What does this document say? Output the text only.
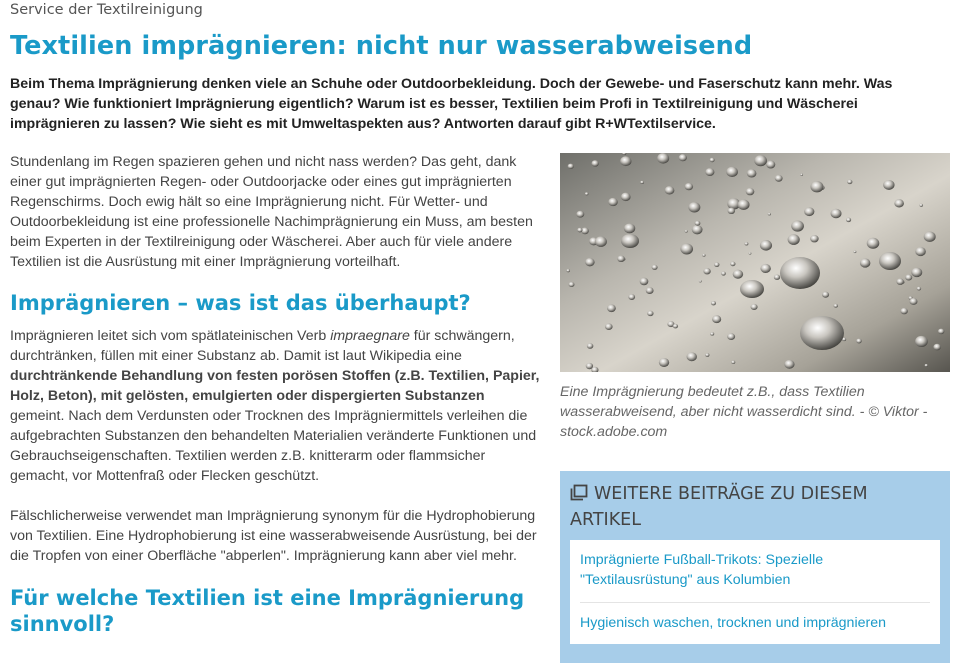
Service der Textilreinigung
Textilien imprägnieren: nicht nur wasserabweisend

Beim Thema Imprägnierung denken viele an Schuhe oder Outdoorbekleidung. Doch der Gewebe- und Faserschutz kann mehr. Was genau? Wie funktioniert Imprägnierung eigentlich? Warum ist es besser, Textilien beim Profi in Textilreinigung und Wäscherei imprägnieren zu lassen? Wie sieht es mit Umweltaspekten aus? Antworten darauf gibt R+WTextilservice.

Stundenlang im Regen spazieren gehen und nicht nass werden? Das geht, dank einer gut imprägnierten Regen- oder Outdoorjacke oder eines gut imprägnierten Regenschirms. Doch ewig hält so eine Imprägnierung nicht. Für Wetter- und Outdoorbekleidung ist eine professionelle Nachimprägnierung ein Muss, am besten beim Experten in der Textilreinigung oder Wäscherei. Aber auch für viele andere Textilien ist die Ausrüstung mit einer Imprägnierung vorteilhaft.

Imprägnieren – was ist das überhaupt?

Imprägnieren leitet sich vom spätlateinischen Verb impraegnare für schwängern, durchtränken, füllen mit einer Substanz ab. Damit ist laut Wikipedia eine durchtränkende Behandlung von festen porösen Stoffen (z.B. Textilien, Papier, Holz, Beton), mit gelösten, emulgierten oder dispergierten Substanzen gemeint. Nach dem Verdunsten oder Trocknen des Imprägniermittels verleihen die aufgebrachten Substanzen den behandelten Materialien veränderte Funktionen und Gebrauchseigenschaften. Textilien werden z.B. knitterarm oder flammsicher gemacht, vor Mottenfraß oder Flecken geschützt.

Fälschlicherweise verwendet man Imprägnierung synonym für die Hydrophobierung von Textilien. Eine Hydrophobierung ist eine wasserabweisende Ausrüstung, bei der die Tropfen von einer Oberfläche "abperlen". Imprägnierung kann aber viel mehr.

Für welche Textilien ist eine Imprägnierung sinnvoll?

Eine Imprägnierung bedeutet z.B., dass Textilien wasserabweisend, aber nicht wasserdicht sind. - © Viktor - stock.adobe.com

WEITERE BEITRÄGE ZU DIESEM ARTIKEL
Imprägnierte Fußball-Trikots: Spezielle "Textilausrüstung" aus Kolumbien
Hygienisch waschen, trocknen und imprägnieren
